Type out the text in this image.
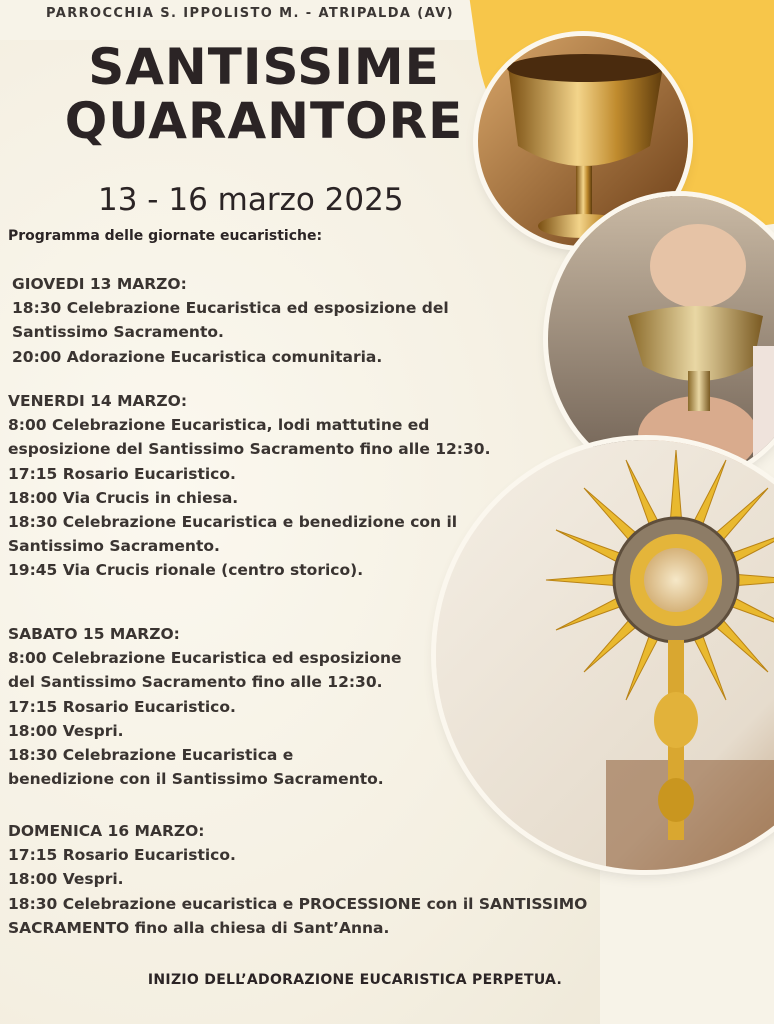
PARROCCHIA S. IPPOLISTO M. - ATRIPALDA (AV)
SANTISSIME
QUARANTORE
13 - 16 marzo 2025
Programma delle giornate eucaristiche:
GIOVEDI 13 MARZO:
18:30 Celebrazione Eucaristica ed esposizione del
Santissimo Sacramento.
20:00 Adorazione Eucaristica comunitaria.
VENERDI 14 MARZO:
8:00 Celebrazione Eucaristica, lodi mattutine ed
esposizione del Santissimo Sacramento fino alle 12:30.
17:15 Rosario Eucaristico.
18:00 Via Crucis in chiesa.
18:30 Celebrazione Eucaristica e benedizione con il
Santissimo Sacramento.
19:45 Via Crucis rionale (centro storico).
SABATO 15 MARZO:
8:00 Celebrazione Eucaristica ed esposizione
del Santissimo Sacramento fino alle 12:30.
17:15 Rosario Eucaristico.
18:00 Vespri.
18:30 Celebrazione Eucaristica e
benedizione con il Santissimo Sacramento.
DOMENICA 16 MARZO:
17:15 Rosario Eucaristico.
18:00 Vespri.
18:30 Celebrazione eucaristica e PROCESSIONE con il SANTISSIMO
SACRAMENTO fino alla chiesa di Sant’Anna.
INIZIO DELL’ADORAZIONE EUCARISTICA PERPETUA.
